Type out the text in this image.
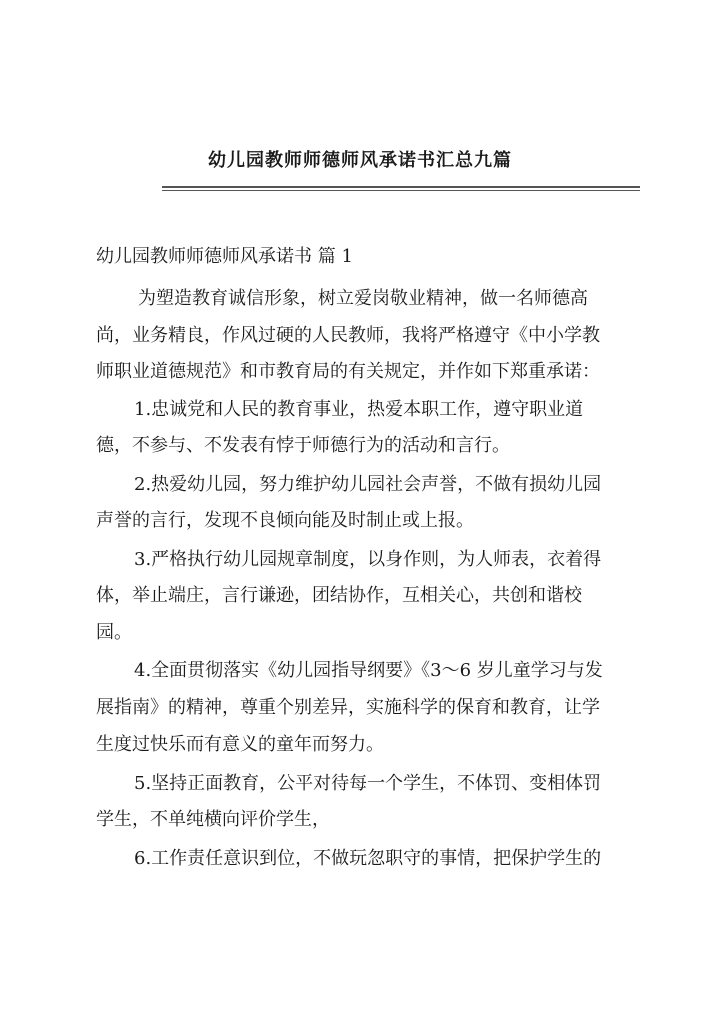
幼儿园教师师德师风承诺书汇总九篇
幼儿园教师师德师风承诺书 篇 1
为塑造教育诚信形象，树立爱岗敬业精神，做一名师德高
尚，业务精良，作风过硬的人民教师，我将严格遵守《中小学教
师职业道德规范》和市教育局的有关规定，并作如下郑重承诺：
1.忠诚党和人民的教育事业，热爱本职工作，遵守职业道
德，不参与、不发表有悖于师德行为的活动和言行。
2.热爱幼儿园，努力维护幼儿园社会声誉，不做有损幼儿园
声誉的言行，发现不良倾向能及时制止或上报。
3.严格执行幼儿园规章制度，以身作则，为人师表，衣着得
体，举止端庄，言行谦逊，团结协作，互相关心，共创和谐校
园。
4.全面贯彻落实《幼儿园指导纲要》《3～6 岁儿童学习与发
展指南》的精神，尊重个别差异，实施科学的保育和教育，让学
生度过快乐而有意义的童年而努力。
5.坚持正面教育，公平对待每一个学生，不体罚、变相体罚
学生，不单纯横向评价学生，
6.工作责任意识到位，不做玩忽职守的事情，把保护学生的
